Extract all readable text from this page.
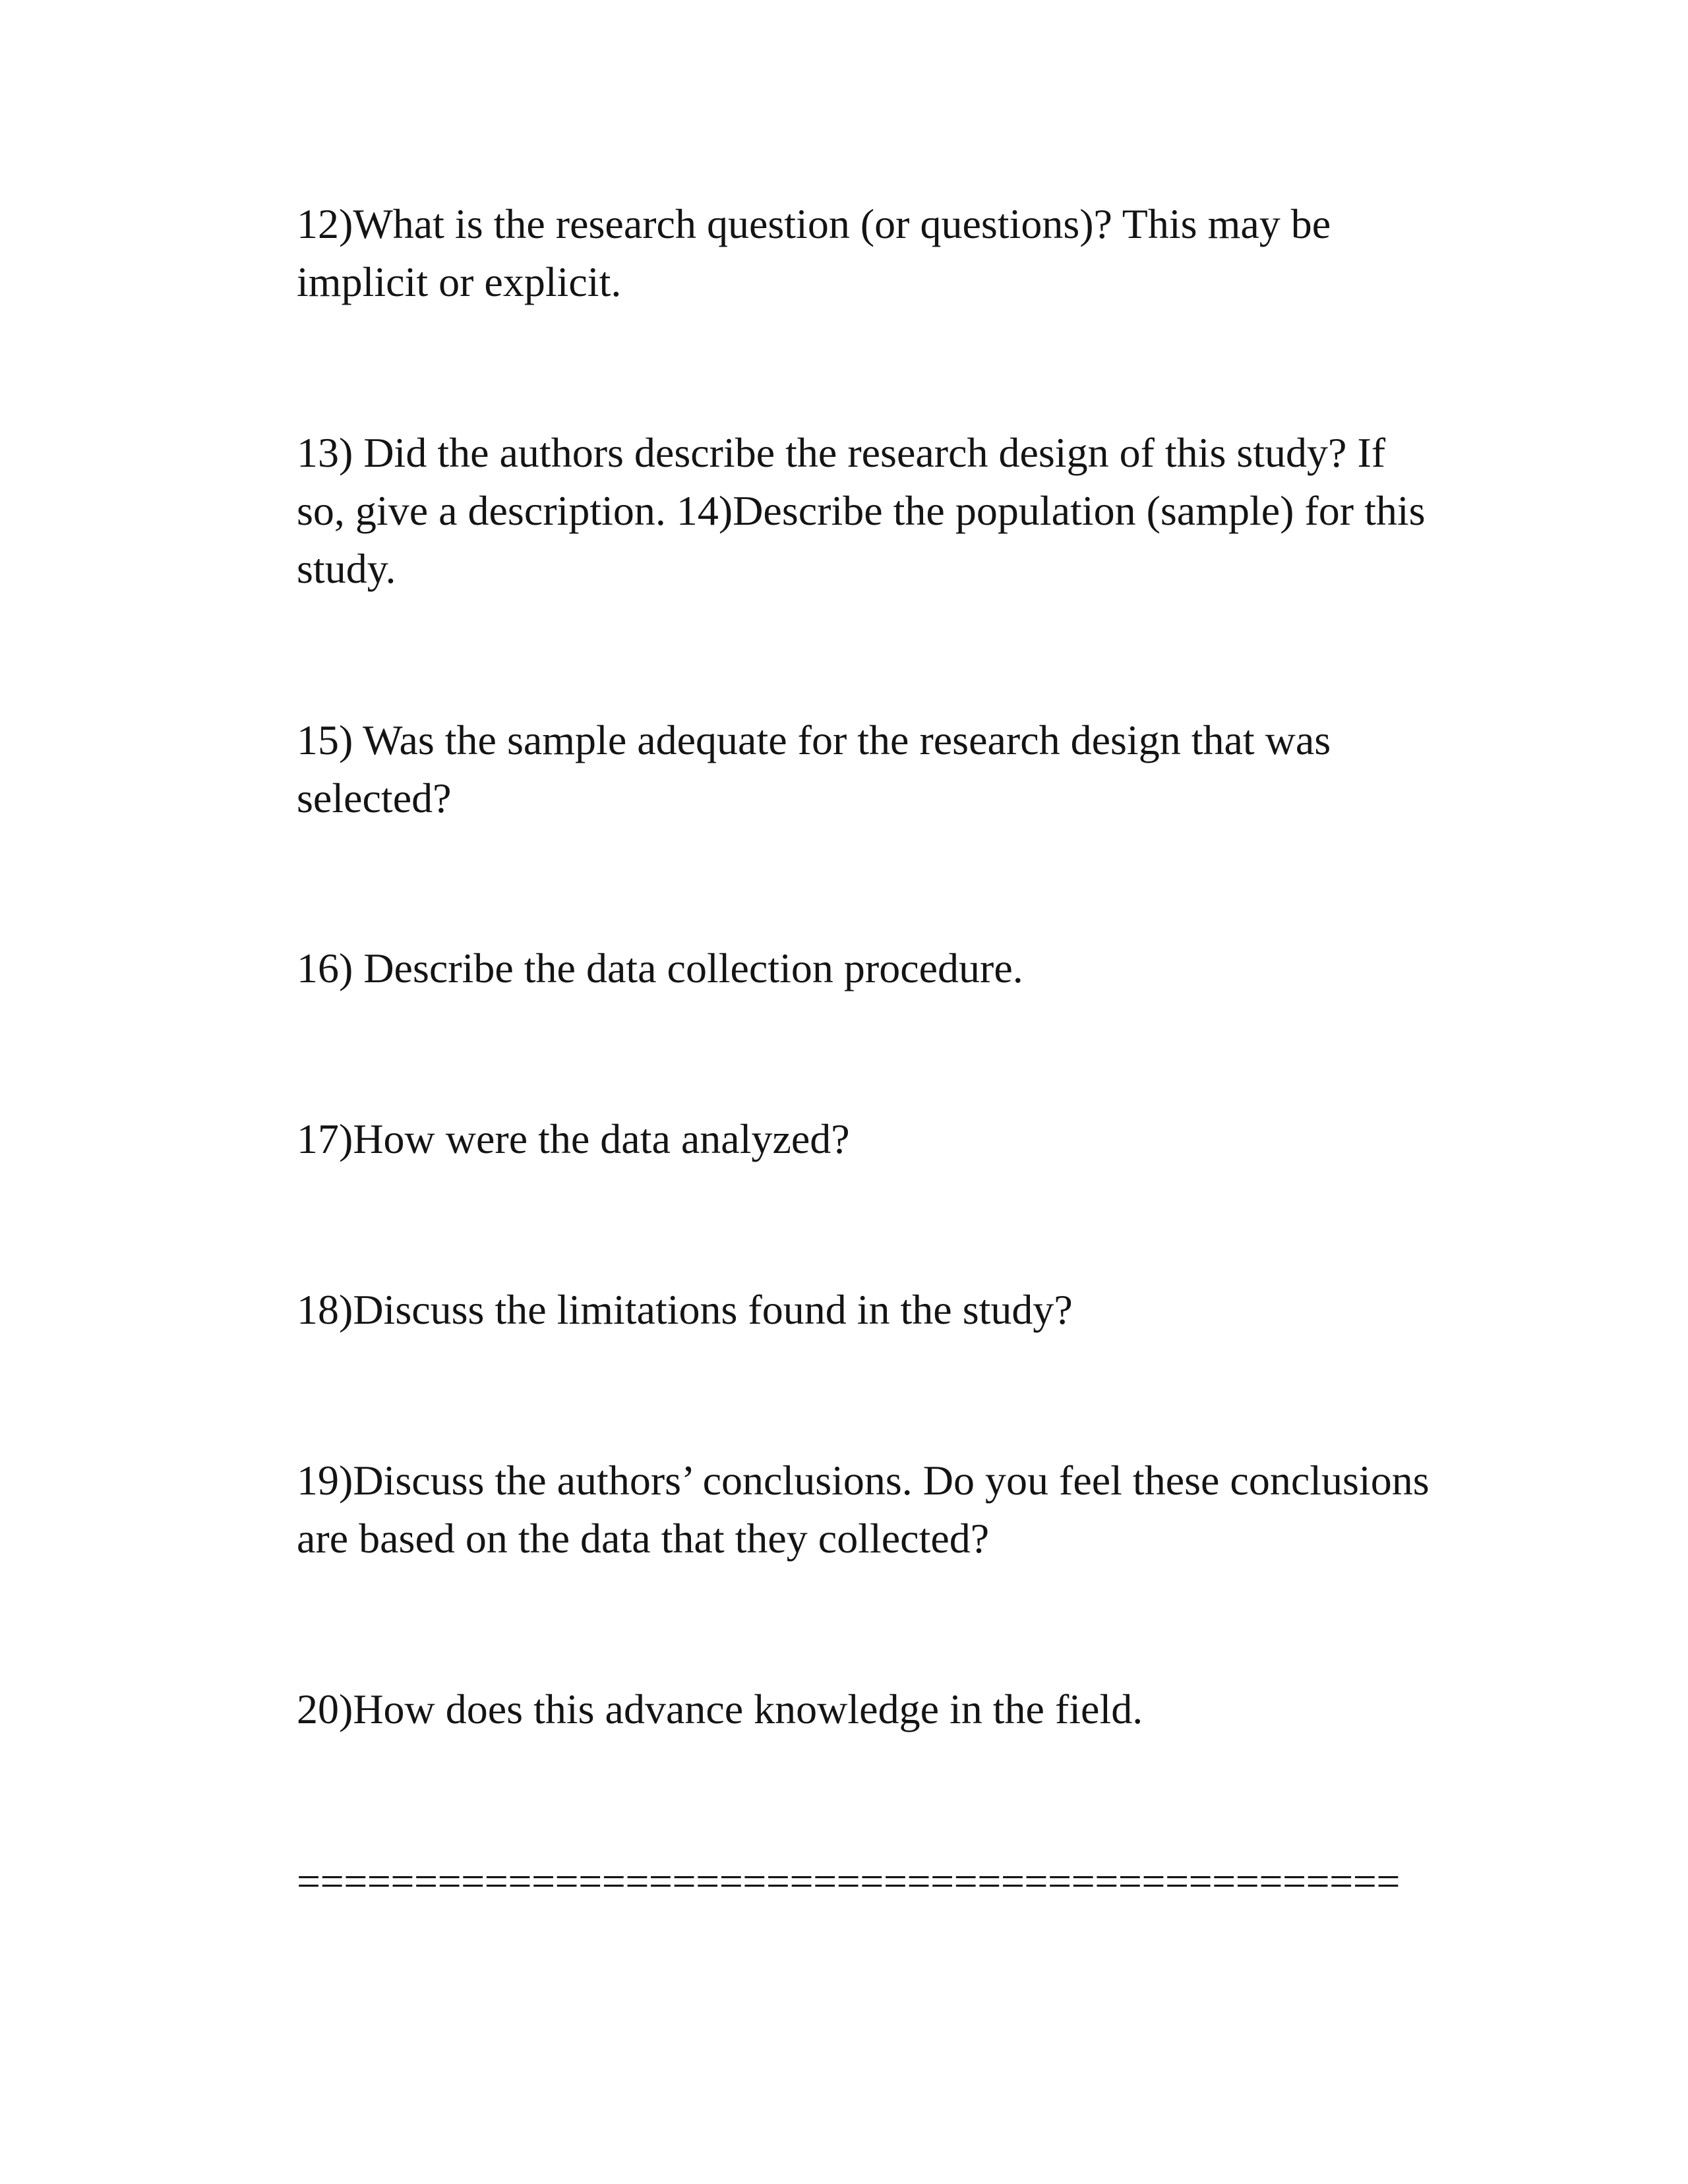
12)What is the research question (or questions)? This may be
implicit or explicit.

13) Did the authors describe the research design of this study? If
so, give a description. 14)Describe the population (sample) for this
study.

15) Was the sample adequate for the research design that was
selected?

16) Describe the data collection procedure.

17)How were the data analyzed?

18)Discuss the limitations found in the study?

19)Discuss the authors’ conclusions. Do you feel these conclusions
are based on the data that they collected?

20)How does this advance knowledge in the field.

===============================================
